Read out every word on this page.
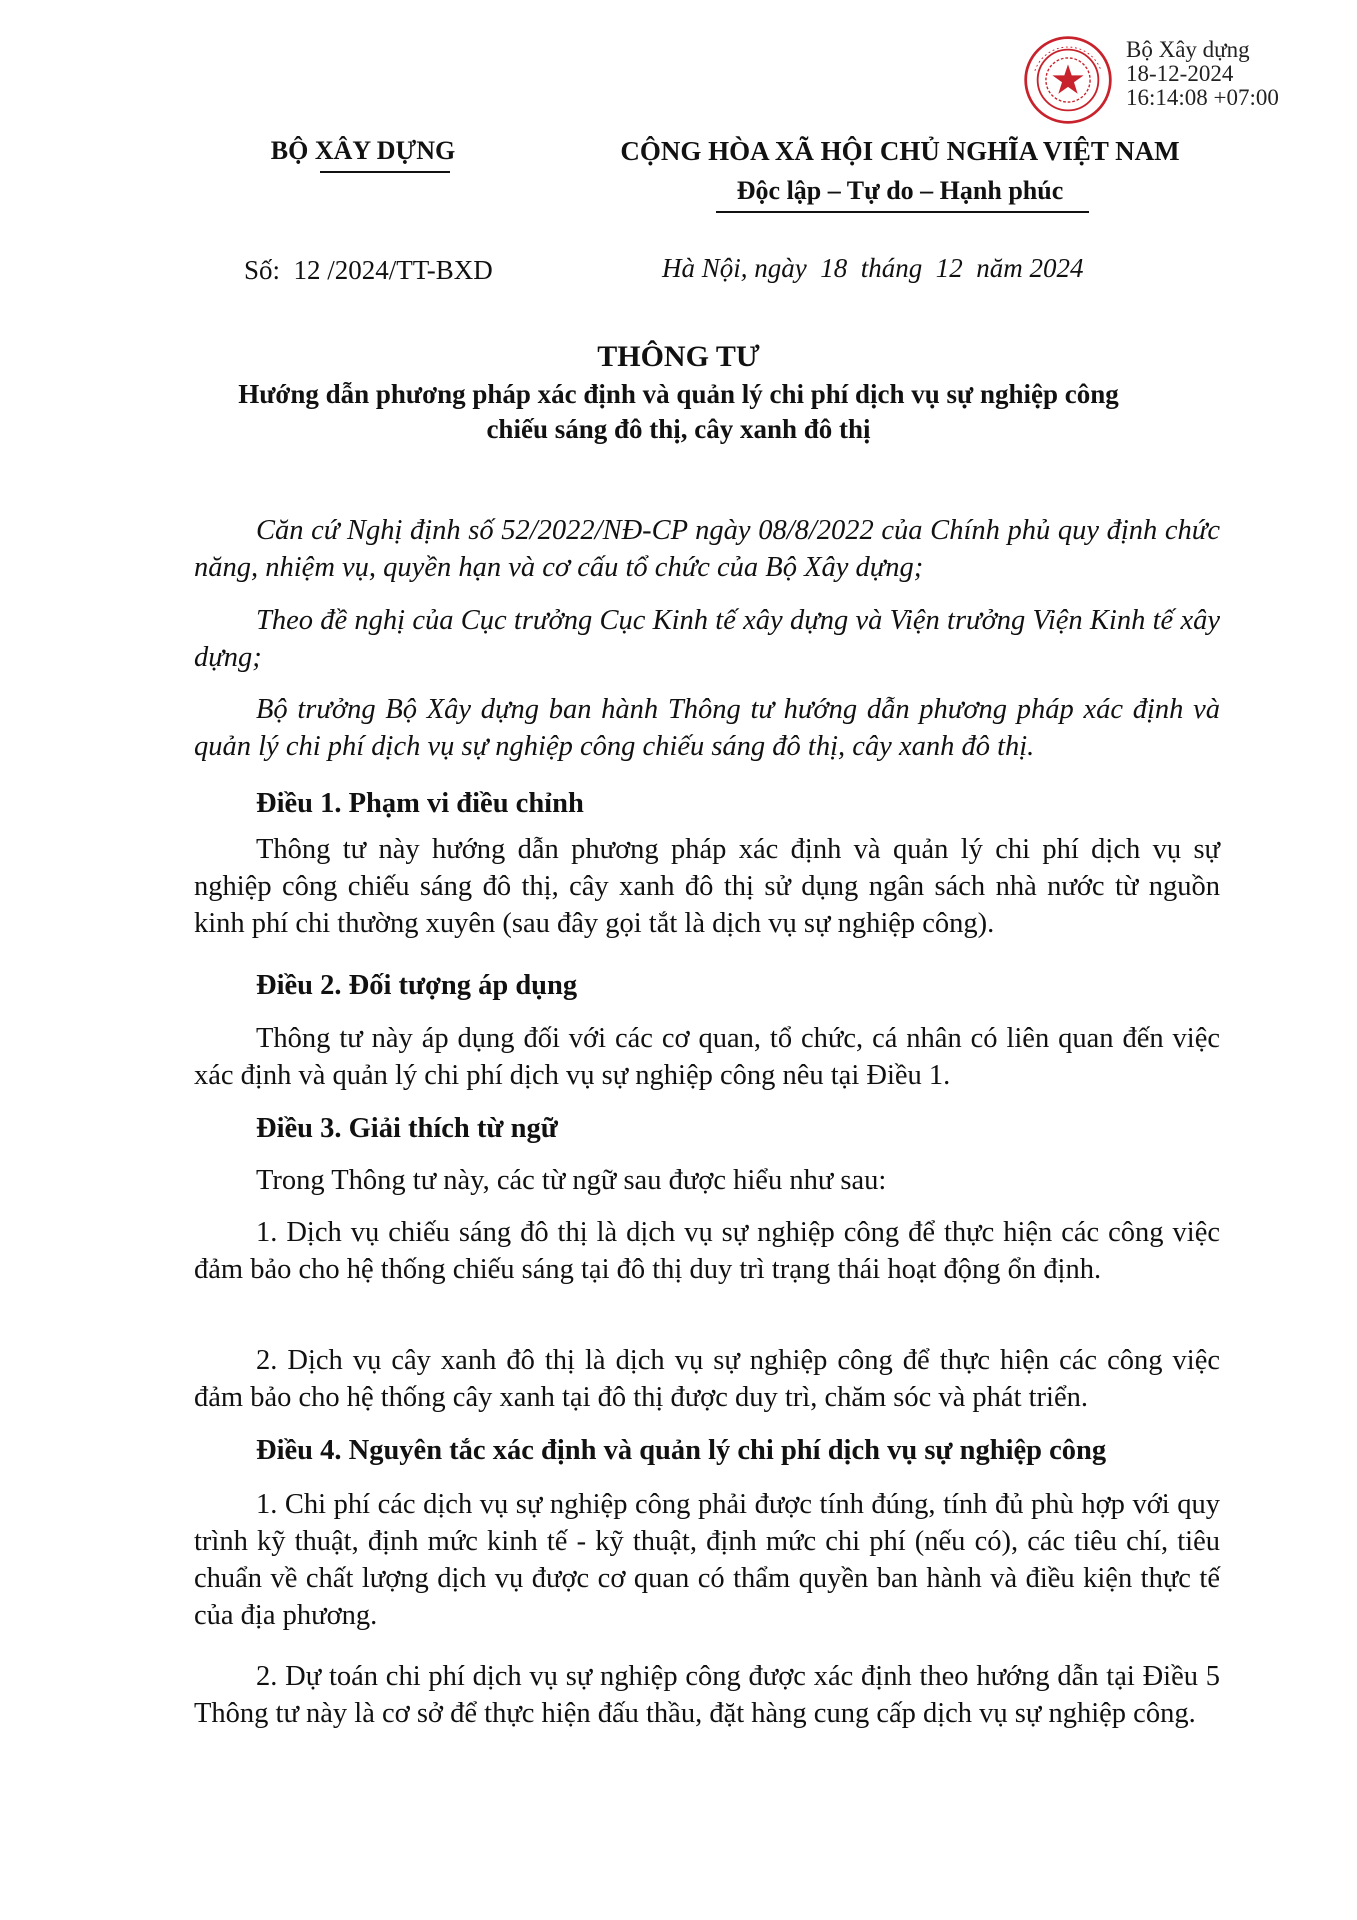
Bộ Xây dựng
18-12-2024
16:14:08 +07:00
BỘ XÂY DỰNG	CỘNG HÒA XÃ HỘI CHỦ NGHĨA VIỆT NAM
Độc lập – Tự do – Hạnh phúc
Số:  12 /2024/TT-BXD	Hà Nội, ngày  18  tháng  12  năm 2024
THÔNG TƯ
Hướng dẫn phương pháp xác định và quản lý chi phí dịch vụ sự nghiệp công
chiếu sáng đô thị, cây xanh đô thị
Căn cứ Nghị định số 52/2022/NĐ-CP ngày 08/8/2022 của Chính phủ quy định chức năng, nhiệm vụ, quyền hạn và cơ cấu tổ chức của Bộ Xây dựng;
Theo đề nghị của Cục trưởng Cục Kinh tế xây dựng và Viện trưởng Viện Kinh tế xây dựng;
Bộ trưởng Bộ Xây dựng ban hành Thông tư hướng dẫn phương pháp xác định và quản lý chi phí dịch vụ sự nghiệp công chiếu sáng đô thị, cây xanh đô thị.
Điều 1. Phạm vi điều chỉnh
Thông tư này hướng dẫn phương pháp xác định và quản lý chi phí dịch vụ sự nghiệp công chiếu sáng đô thị, cây xanh đô thị sử dụng ngân sách nhà nước từ nguồn kinh phí chi thường xuyên (sau đây gọi tắt là dịch vụ sự nghiệp công).
Điều 2. Đối tượng áp dụng
Thông tư này áp dụng đối với các cơ quan, tổ chức, cá nhân có liên quan đến việc xác định và quản lý chi phí dịch vụ sự nghiệp công nêu tại Điều 1.
Điều 3. Giải thích từ ngữ
Trong Thông tư này, các từ ngữ sau được hiểu như sau:
1. Dịch vụ chiếu sáng đô thị là dịch vụ sự nghiệp công để thực hiện các công việc đảm bảo cho hệ thống chiếu sáng tại đô thị duy trì trạng thái hoạt động ổn định.
2. Dịch vụ cây xanh đô thị là dịch vụ sự nghiệp công để thực hiện các công việc đảm bảo cho hệ thống cây xanh tại đô thị được duy trì, chăm sóc và phát triển.
Điều 4. Nguyên tắc xác định và quản lý chi phí dịch vụ sự nghiệp công
1. Chi phí các dịch vụ sự nghiệp công phải được tính đúng, tính đủ phù hợp với quy trình kỹ thuật, định mức kinh tế - kỹ thuật, định mức chi phí (nếu có), các tiêu chí, tiêu chuẩn về chất lượng dịch vụ được cơ quan có thẩm quyền ban hành và điều kiện thực tế của địa phương.
2. Dự toán chi phí dịch vụ sự nghiệp công được xác định theo hướng dẫn tại Điều 5 Thông tư này là cơ sở để thực hiện đấu thầu, đặt hàng cung cấp dịch vụ sự nghiệp công.
